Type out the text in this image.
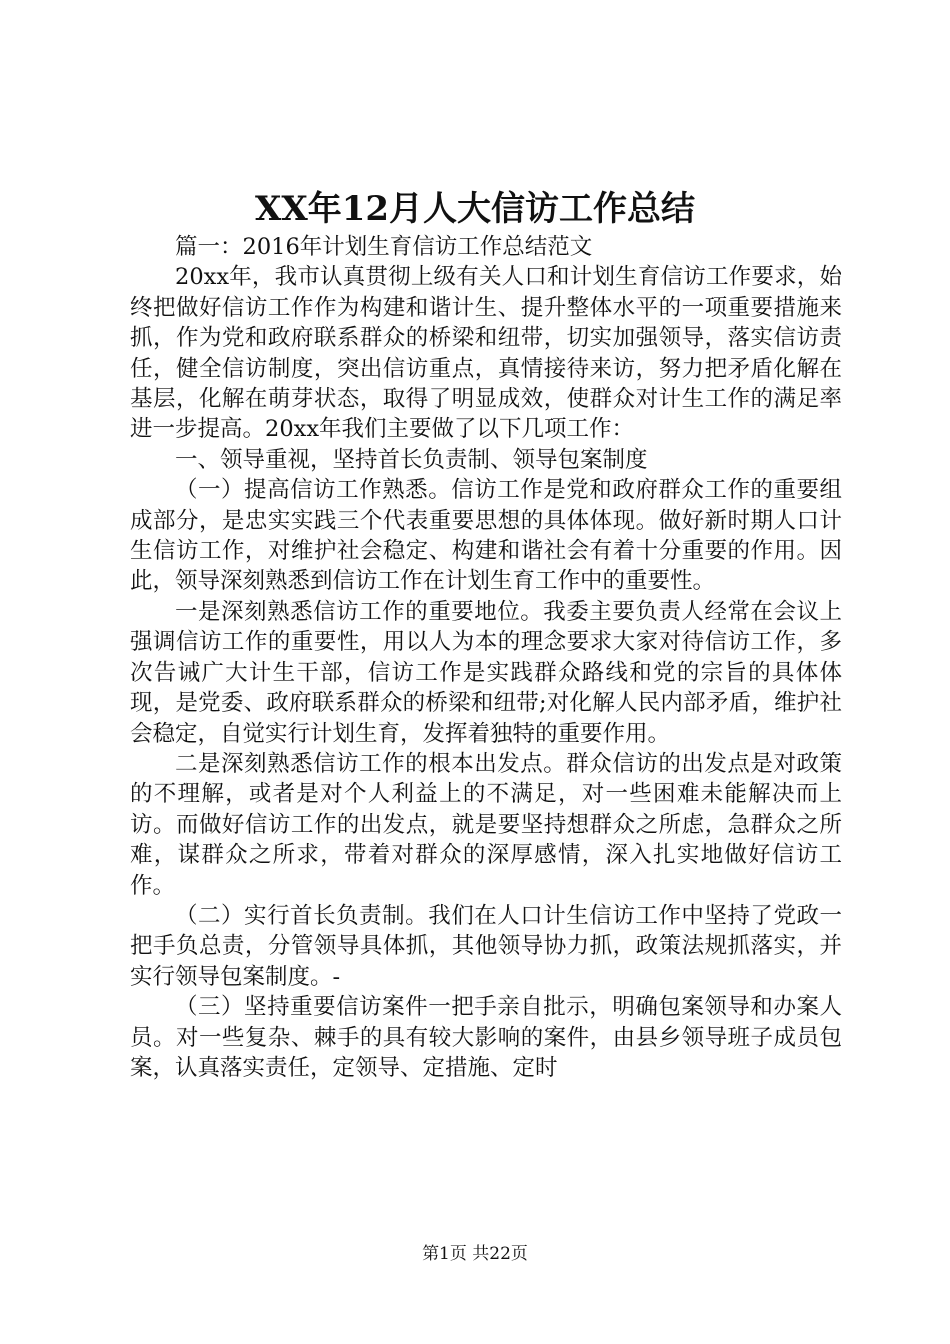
XX年12月人大信访工作总结

篇一：2016年计划生育信访工作总结范文

20xx年，我市认真贯彻上级有关人口和计划生育信访工作要求，始终把做好信访工作作为构建和谐计生、提升整体水平的一项重要措施来抓，作为党和政府联系群众的桥梁和纽带，切实加强领导，落实信访责任，健全信访制度，突出信访重点，真情接待来访，努力把矛盾化解在基层，化解在萌芽状态，取得了明显成效，使群众对计生工作的满足率进一步提高。20xx年我们主要做了以下几项工作：

一、领导重视，坚持首长负责制、领导包案制度

（一）提高信访工作熟悉。信访工作是党和政府群众工作的重要组成部分，是忠实实践三个代表重要思想的具体体现。做好新时期人口计生信访工作，对维护社会稳定、构建和谐社会有着十分重要的作用。因此，领导深刻熟悉到信访工作在计划生育工作中的重要性。

一是深刻熟悉信访工作的重要地位。我委主要负责人经常在会议上强调信访工作的重要性，用以人为本的理念要求大家对待信访工作，多次告诫广大计生干部，信访工作是实践群众路线和党的宗旨的具体体现，是党委、政府联系群众的桥梁和纽带;对化解人民内部矛盾，维护社会稳定，自觉实行计划生育，发挥着独特的重要作用。

二是深刻熟悉信访工作的根本出发点。群众信访的出发点是对政策的不理解，或者是对个人利益上的不满足，对一些困难未能解决而上访。而做好信访工作的出发点，就是要坚持想群众之所虑，急群众之所难，谋群众之所求，带着对群众的深厚感情，深入扎实地做好信访工作。

（二）实行首长负责制。我们在人口计生信访工作中坚持了党政一把手负总责，分管领导具体抓，其他领导协力抓，政策法规抓落实，并实行领导包案制度。-

（三）坚持重要信访案件一把手亲自批示，明确包案领导和办案人员。对一些复杂、棘手的具有较大影响的案件，由县乡领导班子成员包案，认真落实责任，定领导、定措施、定时

第1页 共22页
